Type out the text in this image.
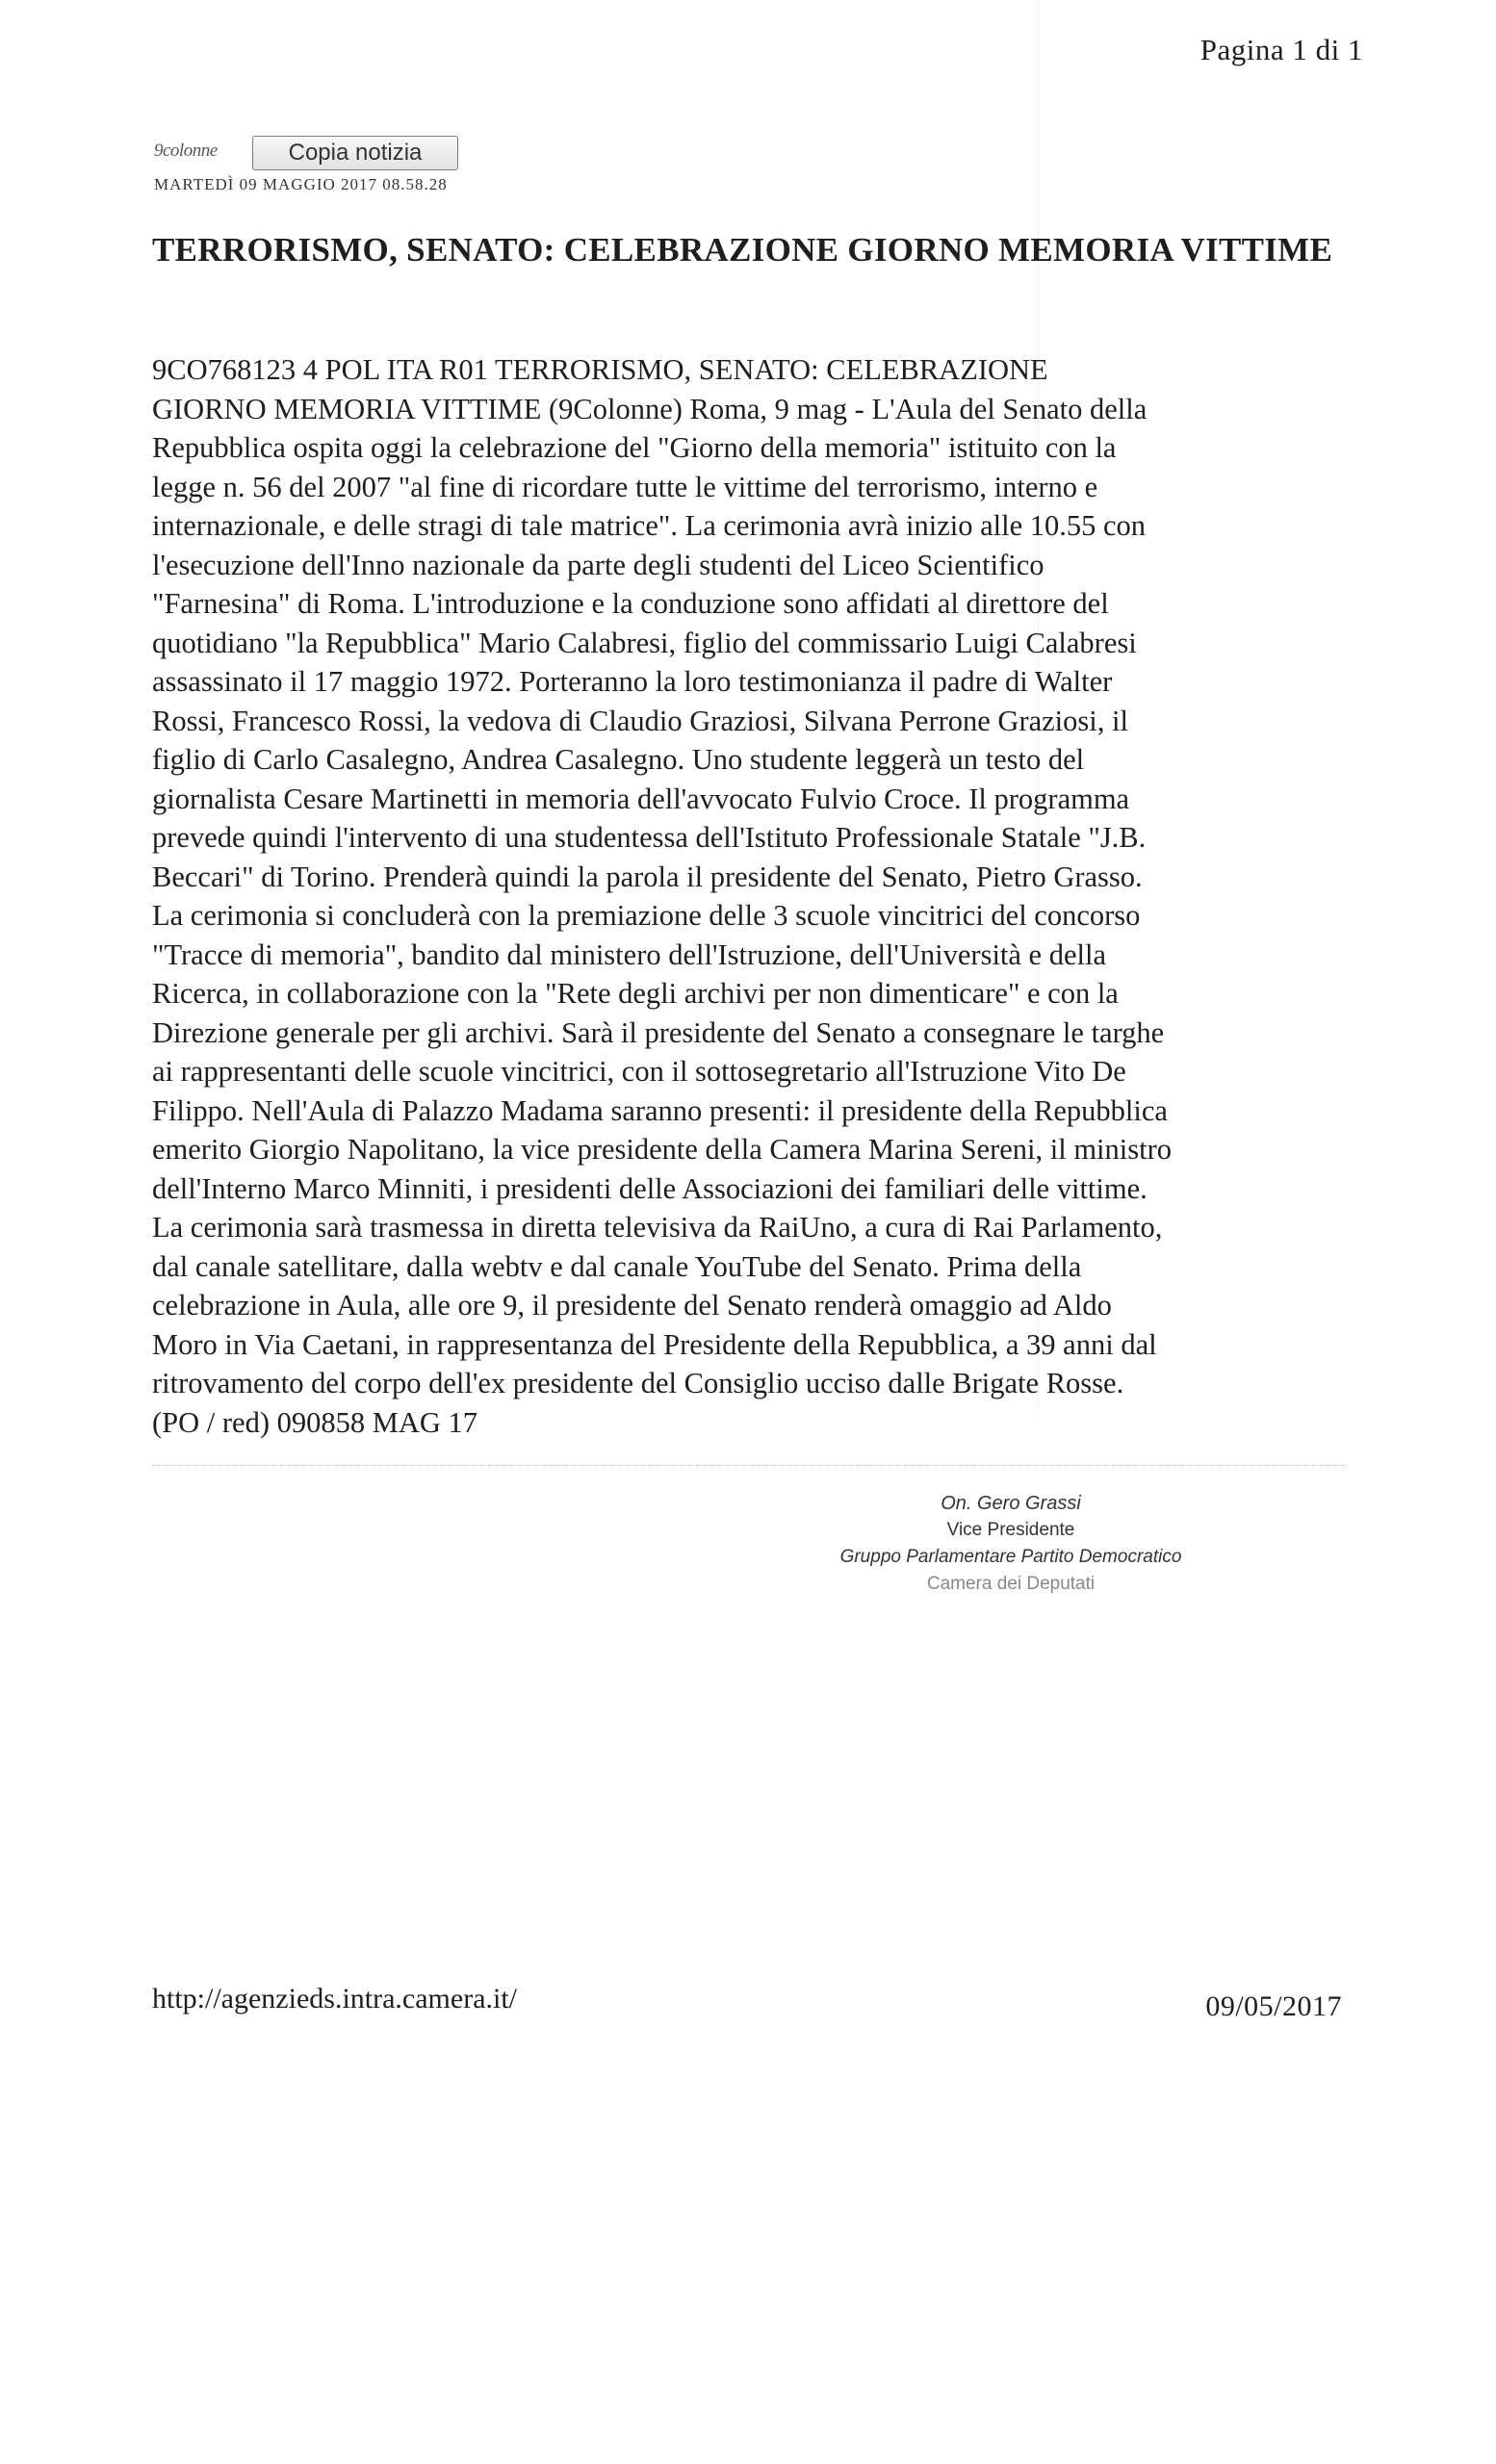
Pagina 1 di 1
9colonne	Copia notizia
MARTEDÌ 09 MAGGIO 2017 08.58.28
TERRORISMO, SENATO: CELEBRAZIONE GIORNO MEMORIA VITTIME
9CO768123 4 POL ITA R01 TERRORISMO, SENATO: CELEBRAZIONE
GIORNO MEMORIA VITTIME (9Colonne) Roma, 9 mag - L'Aula del Senato della
Repubblica ospita oggi la celebrazione del "Giorno della memoria" istituito con la
legge n. 56 del 2007 "al fine di ricordare tutte le vittime del terrorismo, interno e
internazionale, e delle stragi di tale matrice". La cerimonia avrà inizio alle 10.55 con
l'esecuzione dell'Inno nazionale da parte degli studenti del Liceo Scientifico
"Farnesina" di Roma. L'introduzione e la conduzione sono affidati al direttore del
quotidiano "la Repubblica" Mario Calabresi, figlio del commissario Luigi Calabresi
assassinato il 17 maggio 1972. Porteranno la loro testimonianza il padre di Walter
Rossi, Francesco Rossi, la vedova di Claudio Graziosi, Silvana Perrone Graziosi, il
figlio di Carlo Casalegno, Andrea Casalegno. Uno studente leggerà un testo del
giornalista Cesare Martinetti in memoria dell'avvocato Fulvio Croce. Il programma
prevede quindi l'intervento di una studentessa dell'Istituto Professionale Statale "J.B.
Beccari" di Torino. Prenderà quindi la parola il presidente del Senato, Pietro Grasso.
La cerimonia si concluderà con la premiazione delle 3 scuole vincitrici del concorso
"Tracce di memoria", bandito dal ministero dell'Istruzione, dell'Università e della
Ricerca, in collaborazione con la "Rete degli archivi per non dimenticare" e con la
Direzione generale per gli archivi. Sarà il presidente del Senato a consegnare le targhe
ai rappresentanti delle scuole vincitrici, con il sottosegretario all'Istruzione Vito De
Filippo. Nell'Aula di Palazzo Madama saranno presenti: il presidente della Repubblica
emerito Giorgio Napolitano, la vice presidente della Camera Marina Sereni, il ministro
dell'Interno Marco Minniti, i presidenti delle Associazioni dei familiari delle vittime.
La cerimonia sarà trasmessa in diretta televisiva da RaiUno, a cura di Rai Parlamento,
dal canale satellitare, dalla webtv e dal canale YouTube del Senato. Prima della
celebrazione in Aula, alle ore 9, il presidente del Senato renderà omaggio ad Aldo
Moro in Via Caetani, in rappresentanza del Presidente della Repubblica, a 39 anni dal
ritrovamento del corpo dell'ex presidente del Consiglio ucciso dalle Brigate Rosse.
(PO / red) 090858 MAG 17
On. Gero Grassi
Vice Presidente
Gruppo Parlamentare Partito Democratico
Camera dei Deputati
http://agenzieds.intra.camera.it/	09/05/2017
